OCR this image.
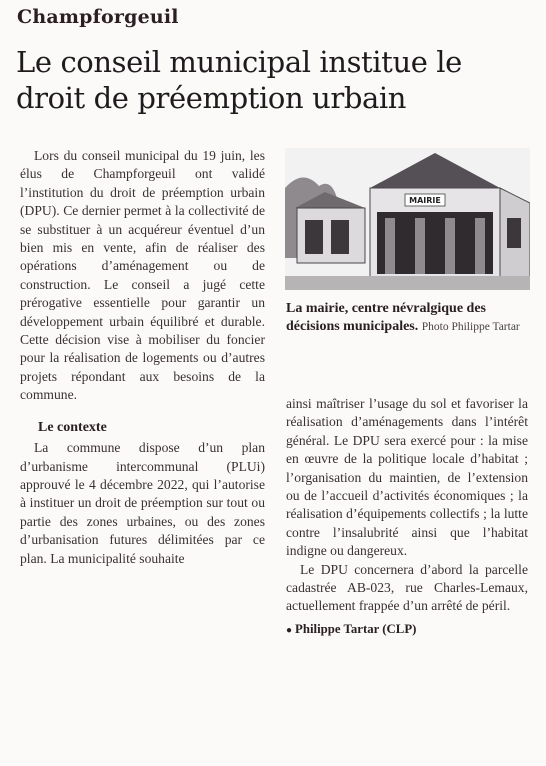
Champforgeuil
Le conseil municipal institue le droit de préemption urbain

Lors du conseil municipal du 19 juin, les élus de Champforgeuil ont validé l’institution du droit de préemption urbain (DPU). Ce dernier permet à la collectivité de se substituer à un acquéreur éventuel d’un bien mis en vente, afin de réaliser des opérations d’aménagement ou de construction. Le conseil a jugé cette prérogative essentielle pour garantir un développement urbain équilibré et durable. Cette décision vise à mobiliser du foncier pour la réalisation de logements ou d’autres projets répondant aux besoins de la commune.

Le contexte

La commune dispose d’un plan d’urbanisme intercommunal (PLUi) approuvé le 4 décembre 2022, qui l’autorise à instituer un droit de préemption sur tout ou partie des zones urbaines, ou des zones d’urbanisation futures délimitées par ce plan. La municipalité souhaite

MAIRIE
La mairie, centre névralgique des décisions municipales. Photo Philippe Tartar

ainsi maîtriser l’usage du sol et favoriser la réalisation d’aménagements dans l’intérêt général. Le DPU sera exercé pour : la mise en œuvre de la politique locale d’habitat ; l’organisation du maintien, de l’extension ou de l’accueil d’activités économiques ; la réalisation d’équipements collectifs ; la lutte contre l’insalubrité ainsi que l’habitat indigne ou dangereux.

Le DPU concernera d’abord la parcelle cadastrée AB-023, rue Charles-Lemaux, actuellement frappée d’un arrêté de péril.

● Philippe Tartar (CLP)
